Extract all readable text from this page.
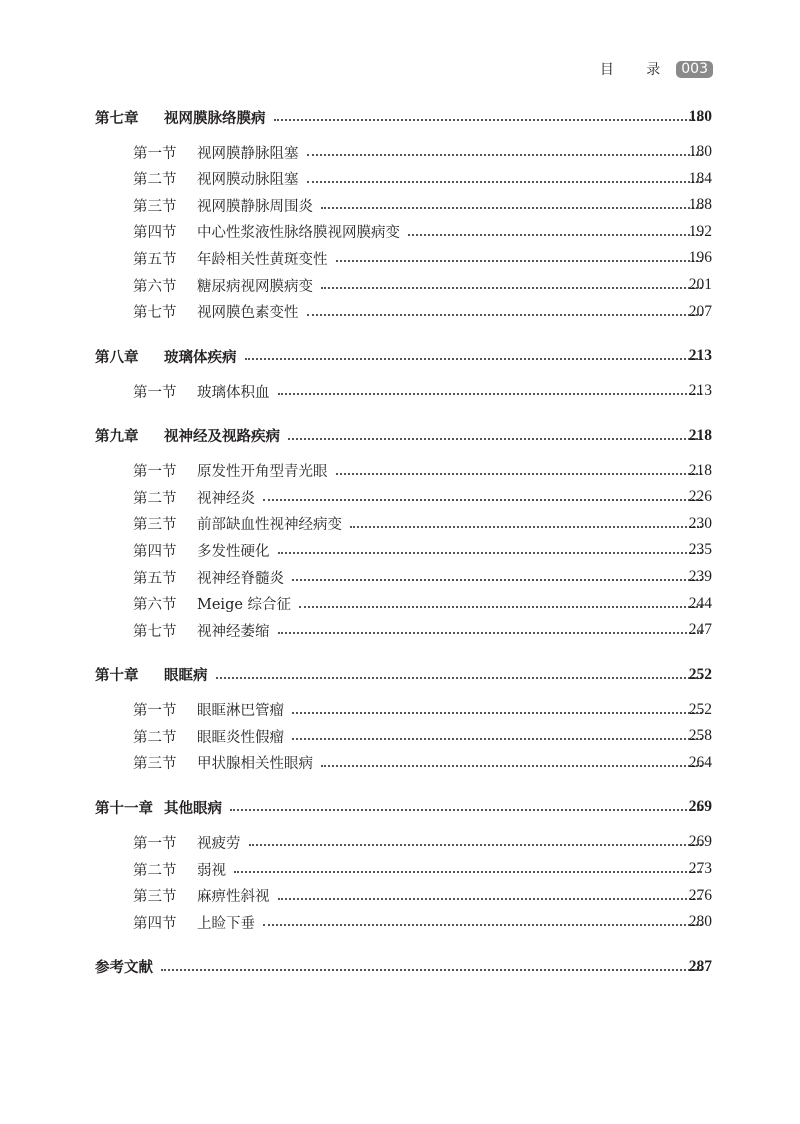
目 录 003
第七章 视网膜脉络膜病	180
第一节 视网膜静脉阻塞	180
第二节 视网膜动脉阻塞	184
第三节 视网膜静脉周围炎	188
第四节 中心性浆液性脉络膜视网膜病变	192
第五节 年龄相关性黄斑变性	196
第六节 糖尿病视网膜病变	201
第七节 视网膜色素变性	207
第八章 玻璃体疾病	213
第一节 玻璃体积血	213
第九章 视神经及视路疾病	218
第一节 原发性开角型青光眼	218
第二节 视神经炎	226
第三节 前部缺血性视神经病变	230
第四节 多发性硬化	235
第五节 视神经脊髓炎	239
第六节 Meige 综合征	244
第七节 视神经萎缩	247
第十章 眼眶病	252
第一节 眼眶淋巴管瘤	252
第二节 眼眶炎性假瘤	258
第三节 甲状腺相关性眼病	264
第十一章 其他眼病	269
第一节 视疲劳	269
第二节 弱视	273
第三节 麻痹性斜视	276
第四节 上睑下垂	280
参考文献	287
